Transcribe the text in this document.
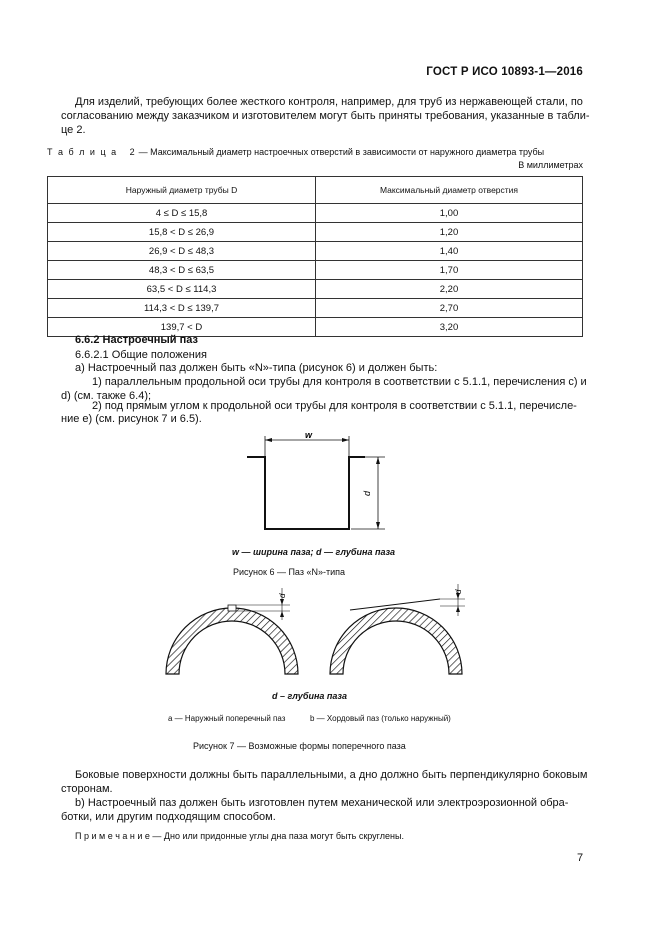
ГОСТ Р ИСО 10893-1—2016
Для изделий, требующих более жесткого контроля, например, для труб из нержавеющей стали, по
согласованию между заказчиком и изготовителем могут быть приняты требования, указанные в табли-
це 2.
Т а б л и ц а   2 — Максимальный диаметр настроечных отверстий в зависимости от наружного диаметра трубы
В миллиметрах
Наружный диаметр трубы D	Максимальный диаметр отверстия
4 ≤ D ≤ 15,8	1,00
15,8 < D ≤ 26,9	1,20
26,9 < D ≤ 48,3	1,40
48,3 < D ≤ 63,5	1,70
63,5 < D ≤ 114,3	2,20
114,3 < D ≤ 139,7	2,70
139,7 < D	3,20
6.6.2 Настроечный паз
6.6.2.1 Общие положения
а) Настроечный паз должен быть «N»-типа (рисунок 6) и должен быть:
1) параллельным продольной оси трубы для контроля в соответствии с 5.1.1, перечисления с) и
d) (см. также 6.4);
2) под прямым углом к продольной оси трубы для контроля в соответствии с 5.1.1, перечисле-
ние е) (см. рисунок 7 и 6.5).
w
d
w — ширина паза; d — глубина паза
Рисунок 6 — Паз «N»-типа
d
d
d – глубина паза
a — Наружный поперечный паз	b — Хордовый паз (только наружный)
Рисунок 7 — Возможные формы поперечного паза
Боковые поверхности должны быть параллельными, а дно должно быть перпендикулярно боковым
сторонам.
b) Настроечный паз должен быть изготовлен путем механической или электроэрозионной обра-
ботки, или другим подходящим способом.
П р и м е ч а н и е — Дно или придонные углы дна паза могут быть скруглены.
7
